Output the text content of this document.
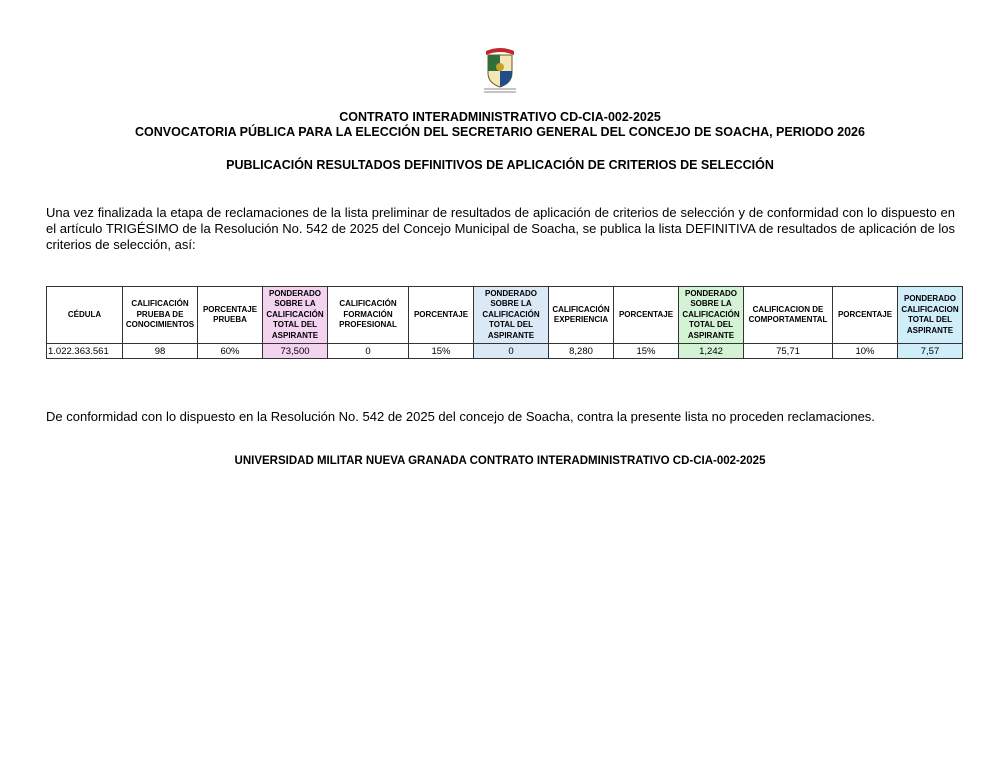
CONTRATO INTERADMINISTRATIVO CD-CIA-002-2025
CONVOCATORIA PÚBLICA PARA LA ELECCIÓN DEL SECRETARIO GENERAL DEL CONCEJO DE SOACHA, PERIODO 2026
PUBLICACIÓN RESULTADOS DEFINITIVOS DE APLICACIÓN DE CRITERIOS DE SELECCIÓN
Una vez finalizada la etapa de reclamaciones de la lista preliminar de resultados de aplicación de criterios de selección y de conformidad con lo dispuesto en el artículo TRIGÉSIMO de la Resolución No. 542 de 2025 del Concejo Municipal de Soacha, se publica la lista DEFINITIVA de resultados de aplicación de los criterios de selección, así:
CÉDULA	CALIFICACIÓN PRUEBA DE CONOCIMIENTOS	PORCENTAJE PRUEBA	PONDERADO SOBRE LA CALIFICACIÓN TOTAL DEL ASPIRANTE	CALIFICACIÓN FORMACIÓN PROFESIONAL	PORCENTAJE	PONDERADO SOBRE LA CALIFICACIÓN TOTAL DEL ASPIRANTE	CALIFICACIÓN EXPERIENCIA	PORCENTAJE	PONDERADO SOBRE LA CALIFICACIÓN TOTAL DEL ASPIRANTE	CALIFICACION DE COMPORTAMENTAL	PORCENTAJE	PONDERADO CALIFICACION TOTAL DEL ASPIRANTE
1.022.363.561	98	60%	73,500	0	15%	0	8,280	15%	1,242	75,71	10%	7,57
De conformidad con lo dispuesto en la Resolución No. 542 de 2025 del concejo de Soacha, contra la presente lista no proceden reclamaciones.
UNIVERSIDAD MILITAR NUEVA GRANADA CONTRATO INTERADMINISTRATIVO CD-CIA-002-2025
